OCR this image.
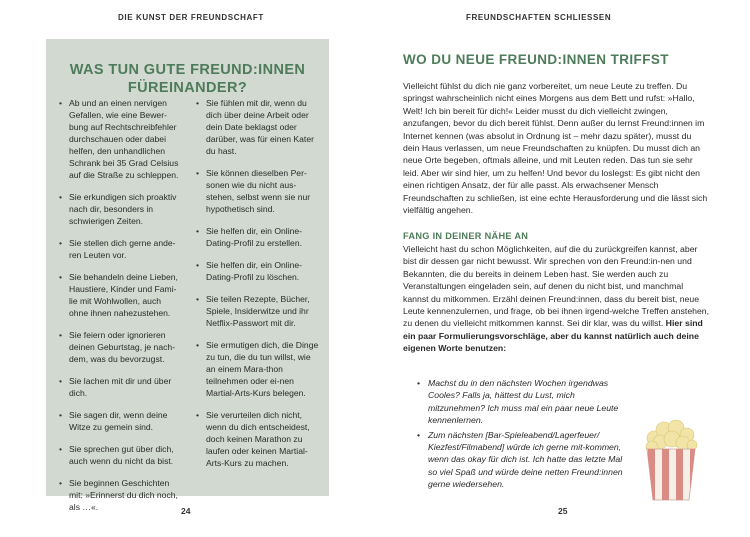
DIE KUNST DER FREUNDSCHAFT
WAS TUN GUTE FREUND:INNEN
FÜREINANDER?
• Ab und an einen nervigen Gefallen, wie eine Bewer-bung auf Rechtschreibfehler durchschauen oder dabei helfen, den unhandlichen Schrank bei 35 Grad Celsius auf die Straße zu schleppen.
• Sie erkundigen sich proaktiv nach dir, besonders in schwierigen Zeiten.
• Sie stellen dich gerne ande-ren Leuten vor.
• Sie behandeln deine Lieben, Haustiere, Kinder und Fami-lie mit Wohlwollen, auch ohne ihnen nahezustehen.
• Sie feiern oder ignorieren deinen Geburtstag, je nach-dem, was du bevorzugst.
• Sie lachen mit dir und über dich.
• Sie sagen dir, wenn deine Witze zu gemein sind.
• Sie sprechen gut über dich, auch wenn du nicht da bist.
• Sie beginnen Geschichten mit: »Erinnerst du dich noch, als …«.
• Sie fühlen mit dir, wenn du dich über deine Arbeit oder dein Date beklagst oder darüber, was für einen Kater du hast.
• Sie können dieselben Per-sonen wie du nicht aus-stehen, selbst wenn sie nur hypothetisch sind.
• Sie helfen dir, ein Online-Dating-Profil zu erstellen.
• Sie helfen dir, ein Online-Dating-Profil zu löschen.
• Sie teilen Rezepte, Bücher, Spiele, Insiderwitze und ihr Netflix-Passwort mit dir.
• Sie ermutigen dich, die Dinge zu tun, die du tun willst, wie an einem Mara-thon teilnehmen oder ei-nen Martial-Arts-Kurs belegen.
• Sie verurteilen dich nicht, wenn du dich entscheidest, doch keinen Marathon zu laufen oder keinen Martial-Arts-Kurs zu machen.
24
FREUNDSCHAFTEN SCHLIESSEN
WO DU NEUE FREUND:INNEN TRIFFST

Vielleicht fühlst du dich nie ganz vorbereitet, um neue Leute zu treffen. Du springst wahrscheinlich nicht eines Morgens aus dem Bett und rufst: »Hallo, Welt! Ich bin bereit für dich!« Leider musst du dich vielleicht zwingen, anzufangen, bevor du dich bereit fühlst. Denn außer du lernst Freund:innen im Internet kennen (was absolut in Ordnung ist – mehr dazu später), musst du dein Haus verlassen, um neue Freundschaften zu knüpfen. Du musst dich an neue Orte begeben, oftmals alleine, und mit Leuten reden. Das tun sie sehr leid. Aber wir sind hier, um zu helfen! Und bevor du loslegst: Es gibt nicht den einen richtigen Ansatz, der für alle passt. Als erwachsener Mensch Freundschaften zu schließen, ist eine echte Herausforderung und die lässt sich vielfältig angehen.

FANG IN DEINER NÄHE AN

Vielleicht hast du schon Möglichkeiten, auf die du zurückgreifen kannst, aber bist dir dessen gar nicht bewusst. Wir sprechen von den Freund:in-nen und Bekannten, die du bereits in deinem Leben hast. Sie werden auch zu Veranstaltungen eingeladen sein, auf denen du nicht bist, und manchmal kannst du mitkommen. Erzähl deinen Freund:innen, dass du bereit bist, neue Leute kennenzulernen, und frage, ob bei ihnen irgend-welche Treffen anstehen, zu denen du vielleicht mitkommen kannst. Sei dir klar, was du willst. Hier sind ein paar Formulierungsvorschläge, aber du kannst natürlich auch deine eigenen Worte benutzen:

• Machst du in den nächsten Wochen irgendwas Cooles? Falls ja, hättest du Lust, mich mitzunehmen? Ich muss mal ein paar neue Leute kennenlernen.
• Zum nächsten [Bar-Spieleabend/Lagerfeuer/ Kiezfest/Filmabend] würde ich gerne mit-kommen, wenn das okay für dich ist. Ich hatte das letzte Mal so viel Spaß und würde deine netten Freund:innen gerne wiedersehen.
25
